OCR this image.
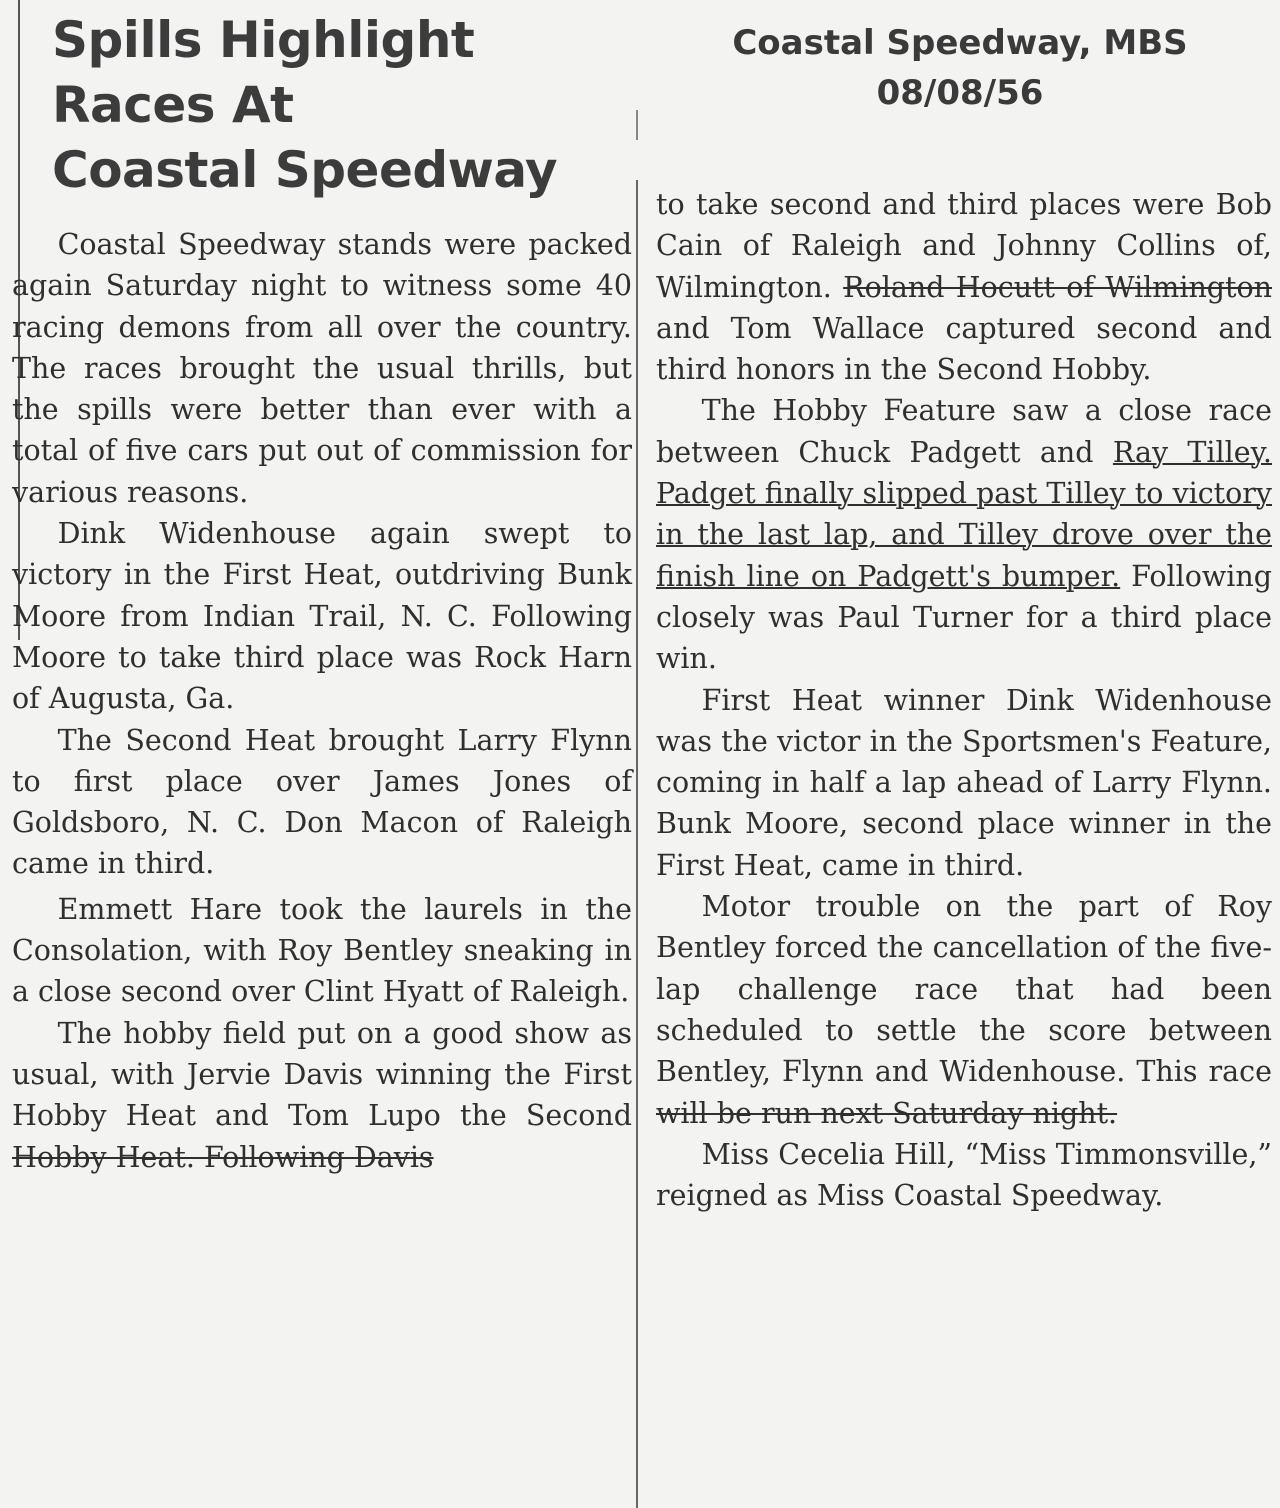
Spills Highlight
Races At
Coastal Speedway
Coastal Speedway, MBS
08/08/56

Coastal Speedway stands were packed again Saturday night to witness some 40 racing demons from all over the country. The races brought the usual thrills, but the spills were better than ever with a total of five cars put out of commission for various reasons.

Dink Widenhouse again swept to victory in the First Heat, outdriving Bunk Moore from Indian Trail, N. C. Following Moore to take third place was Rock Harn of Augusta, Ga.

The Second Heat brought Larry Flynn to first place over James Jones of Goldsboro, N. C. Don Macon of Raleigh came in third.

Emmett Hare took the laurels in the Consolation, with Roy Bentley sneaking in a close second over Clint Hyatt of Raleigh.

The hobby field put on a good show as usual, with Jervie Davis winning the First Hobby Heat and Tom Lupo the Second Hobby Heat. Following Davis

to take second and third places were Bob Cain of Raleigh and Johnny Collins of, Wilmington. Roland Hocutt of Wilmington and Tom Wallace captured second and third honors in the Second Hobby.

The Hobby Feature saw a close race between Chuck Padgett and Ray Tilley. Padget finally slipped past Tilley to victory in the last lap, and Tilley drove over the finish line on Padgett's bumper. Following closely was Paul Turner for a third place win.

First Heat winner Dink Widenhouse was the victor in the Sportsmen's Feature, coming in half a lap ahead of Larry Flynn. Bunk Moore, second place winner in the First Heat, came in third.

Motor trouble on the part of Roy Bentley forced the cancellation of the five-lap challenge race that had been scheduled to settle the score between Bentley, Flynn and Widenhouse. This race will be run next Saturday night.

Miss Cecelia Hill, “Miss Timmonsville,” reigned as Miss Coastal Speedway.
